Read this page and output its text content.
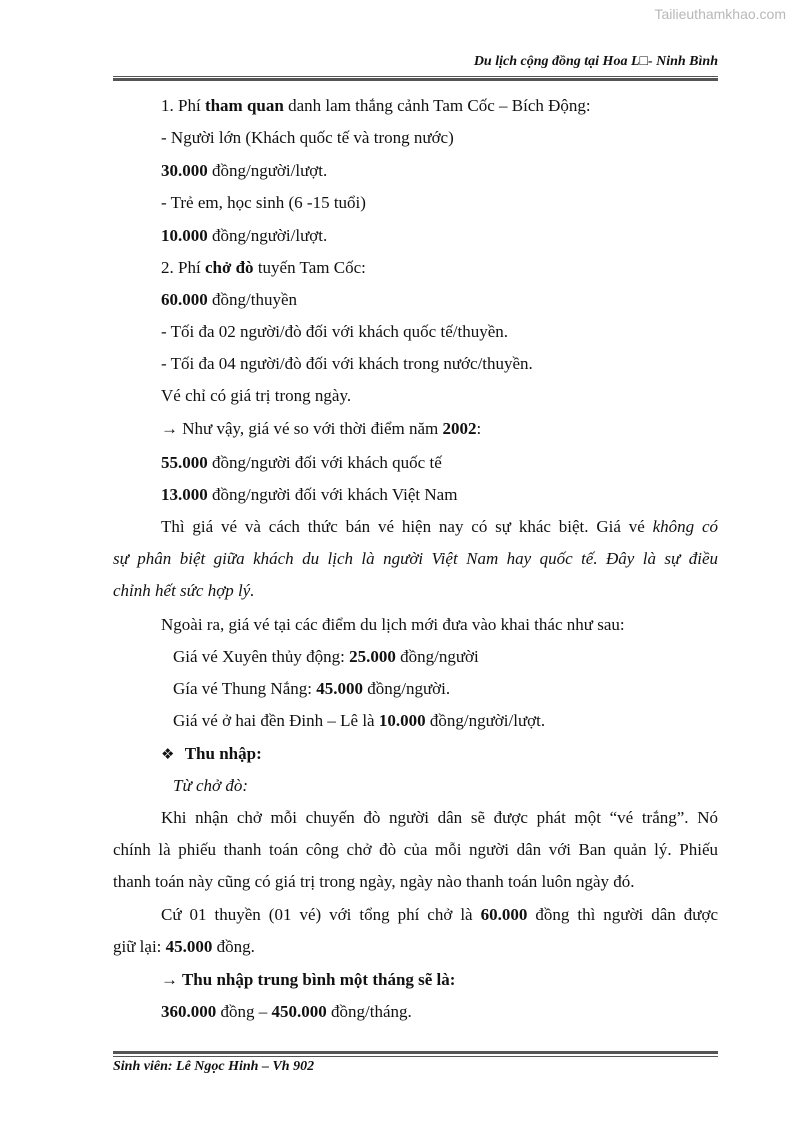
Tailieuthamkhao.com
Du lịch cộng đồng tại Hoa L□- Ninh Bình
1. Phí tham quan danh lam thắng cảnh Tam Cốc – Bích Động:
- Người lớn (Khách quốc tế và trong nước)
30.000 đồng/người/lượt.
- Trẻ em, học sinh (6 -15 tuổi)
10.000 đồng/người/lượt.
2. Phí chở đò tuyến Tam Cốc:
60.000 đồng/thuyền
- Tối đa 02 người/đò đối với khách quốc tế/thuyền.
- Tối đa 04 người/đò đối với khách trong nước/thuyền.
Vé chỉ có giá trị trong ngày.
→ Như vậy, giá vé so với thời điểm năm 2002:
55.000 đồng/người đối với khách quốc tế
13.000 đồng/người đối với khách Việt Nam
Thì giá vé và cách thức bán vé hiện nay có sự khác biệt. Giá vé không có
sự phân biệt giữa khách du lịch là người Việt Nam hay quốc tế. Đây là sự điều
chỉnh hết sức hợp lý.
Ngoài ra, giá vé tại các điểm du lịch mới đưa vào khai thác như sau:
Giá vé Xuyên thủy động: 25.000 đồng/người
Gía vé Thung Nắng: 45.000 đồng/người.
Giá vé ở hai đền Đinh – Lê là 10.000 đồng/người/lượt.
❖ Thu nhập:
Từ chở đò:
Khi nhận chở mỗi chuyến đò người dân sẽ được phát một “vé trắng”. Nó
chính là phiếu thanh toán công chở đò của mỗi người dân với Ban quản lý. Phiếu
thanh toán này cũng có giá trị trong ngày, ngày nào thanh toán luôn ngày đó.
Cứ 01 thuyền (01 vé) với tổng phí chở là 60.000 đồng thì người dân được
giữ lại: 45.000 đồng.
→ Thu nhập trung bình một tháng sẽ là:
360.000 đồng – 450.000 đồng/tháng.
Sinh viên: Lê Ngọc Hinh – Vh 902
